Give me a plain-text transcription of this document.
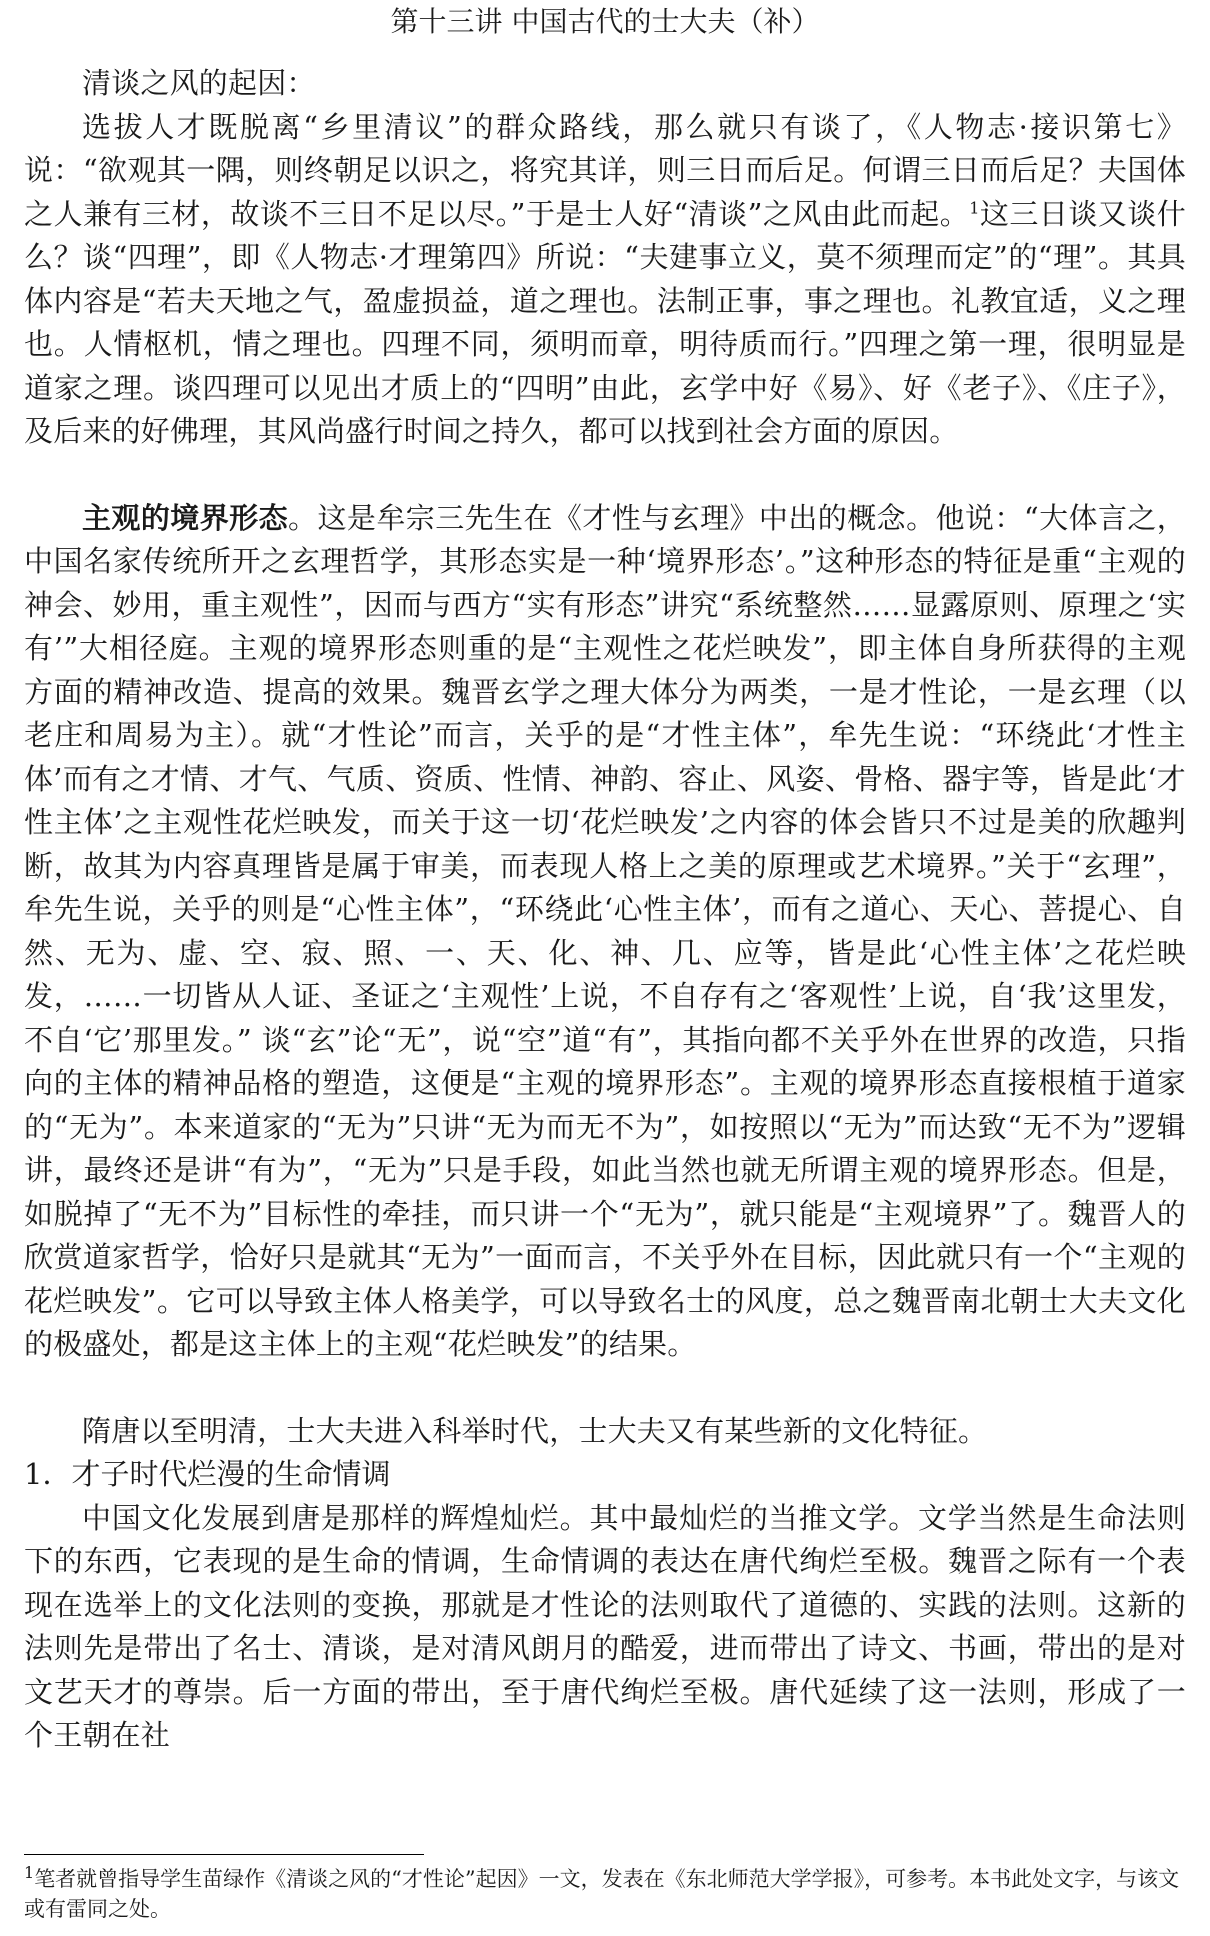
第十三讲 中国古代的士大夫（补）

清谈之风的起因：

选拔人才既脱离“乡里清议”的群众路线，那么就只有谈了，《人物志·接识第七》说：“欲观其一隅，则终朝足以识之，将究其详，则三日而后足。何谓三日而后足？夫国体之人兼有三材，故谈不三日不足以尽。”于是士人好“清谈”之风由此而起。$^1$这三日谈又谈什么？谈“四理”，即《人物志·才理第四》所说：“夫建事立义，莫不须理而定”的“理”。其具体内容是“若夫天地之气，盈虚损益，道之理也。法制正事，事之理也。礼教宜适，义之理也。人情枢机，情之理也。四理不同，须明而章，明待质而行。”四理之第一理，很明显是道家之理。谈四理可以见出才质上的“四明”由此，玄学中好《易》、好《老子》、《庄子》，及后来的好佛理，其风尚盛行时间之持久，都可以找到社会方面的原因。

主观的境界形态。这是牟宗三先生在《才性与玄理》中出的概念。他说：“大体言之，中国名家传统所开之玄理哲学，其形态实是一种‘境界形态’。”这种形态的特征是重“主观的神会、妙用，重主观性”，因而与西方“实有形态”讲究“系统整然……显露原则、原理之‘实有’”大相径庭。主观的境界形态则重的是“主观性之花烂映发”，即主体自身所获得的主观方面的精神改造、提高的效果。魏晋玄学之理大体分为两类，一是才性论，一是玄理（以老庄和周易为主）。就“才性论”而言，关乎的是“才性主体”，牟先生说：“环绕此‘才性主体’而有之才情、才气、气质、资质、性情、神韵、容止、风姿、骨格、器宇等，皆是此‘才性主体’之主观性花烂映发，而关于这一切‘花烂映发’之内容的体会皆只不过是美的欣趣判断，故其为内容真理皆是属于审美，而表现人格上之美的原理或艺术境界。”关于“玄理”，牟先生说，关乎的则是“心性主体”，“环绕此‘心性主体’，而有之道心、天心、菩提心、自然、无为、虚、空、寂、照、一、天、化、神、几、应等，皆是此‘心性主体’之花烂映发，……一切皆从人证、圣证之‘主观性’上说，不自存有之‘客观性’上说，自‘我’这里发，不自‘它’那里发。” 谈“玄”论“无”，说“空”道“有”，其指向都不关乎外在世界的改造，只指向的主体的精神品格的塑造，这便是“主观的境界形态”。主观的境界形态直接根植于道家的“无为”。本来道家的“无为”只讲“无为而无不为”，如按照以“无为”而达致“无不为”逻辑讲，最终还是讲“有为”，“无为”只是手段，如此当然也就无所谓主观的境界形态。但是，如脱掉了“无不为”目标性的牵挂，而只讲一个“无为”，就只能是“主观境界”了。魏晋人的欣赏道家哲学，恰好只是就其“无为”一面而言，不关乎外在目标，因此就只有一个“主观的花烂映发”。它可以导致主体人格美学，可以导致名士的风度，总之魏晋南北朝士大夫文化的极盛处，都是这主体上的主观“花烂映发”的结果。

隋唐以至明清，士大夫进入科举时代，士大夫又有某些新的文化特征。

1．才子时代烂漫的生命情调

中国文化发展到唐是那样的辉煌灿烂。其中最灿烂的当推文学。文学当然是生命法则下的东西，它表现的是生命的情调，生命情调的表达在唐代绚烂至极。魏晋之际有一个表现在选举上的文化法则的变换，那就是才性论的法则取代了道德的、实践的法则。这新的法则先是带出了名士、清谈，是对清风朗月的酷爱，进而带出了诗文、书画，带出的是对文艺天才的尊崇。后一方面的带出，至于唐代绚烂至极。唐代延续了这一法则，形成了一个王朝在社

$^1$笔者就曾指导学生苗绿作《清谈之风的“才性论”起因》一文，发表在《东北师范大学学报》，可参考。本书此处文字，与该文或有雷同之处。
